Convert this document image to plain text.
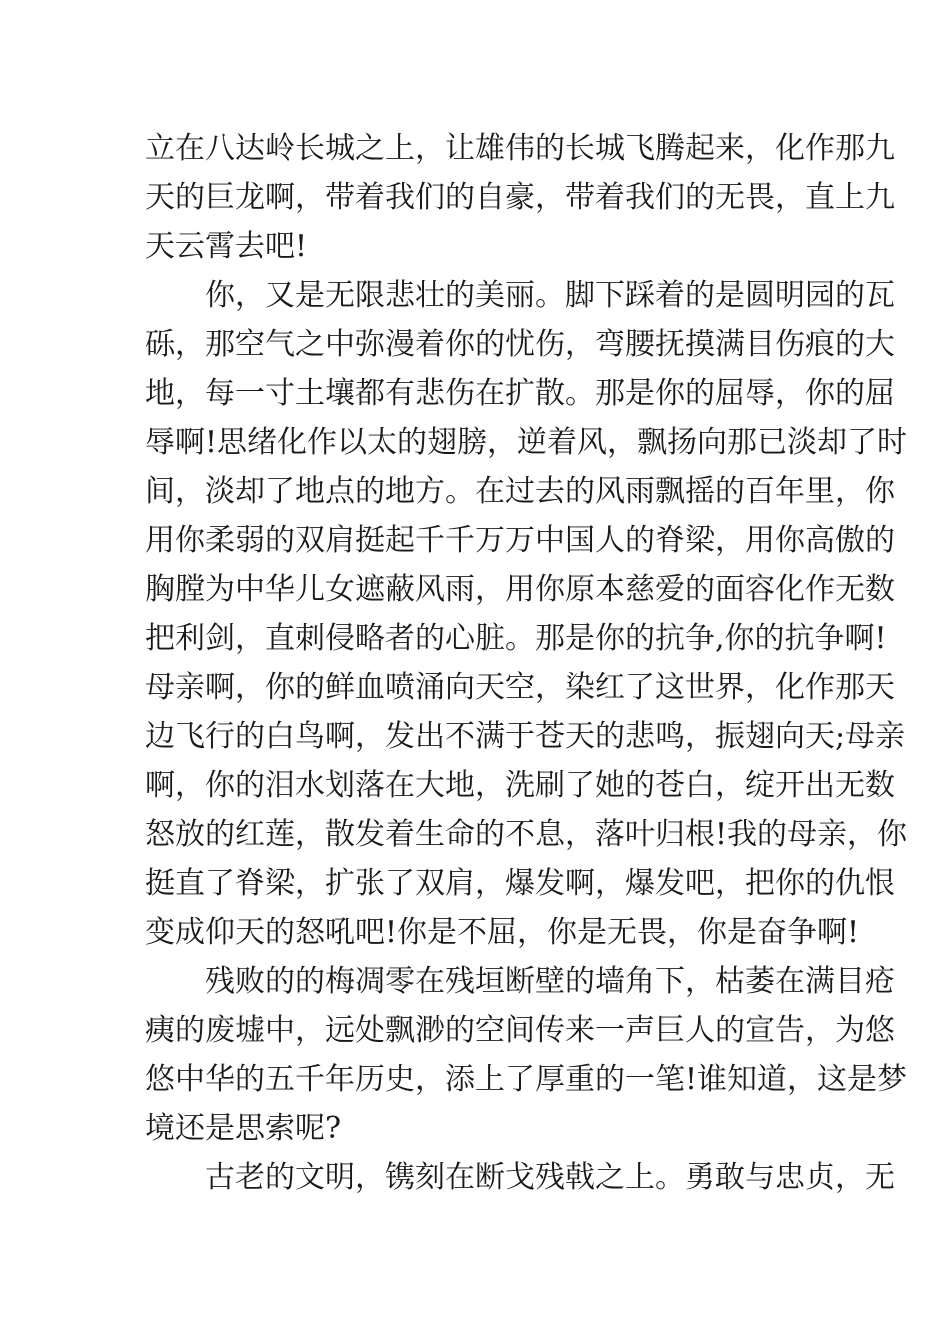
立在八达岭长城之上，让雄伟的长城飞腾起来，化作那九
天的巨龙啊，带着我们的自豪，带着我们的无畏，直上九
天云霄去吧!
你，又是无限悲壮的美丽。脚下踩着的是圆明园的瓦
砾，那空气之中弥漫着你的忧伤，弯腰抚摸满目伤痕的大
地，每一寸土壤都有悲伤在扩散。那是你的屈辱，你的屈
辱啊!思绪化作以太的翅膀，逆着风，飘扬向那已淡却了时
间，淡却了地点的地方。在过去的风雨飘摇的百年里，你
用你柔弱的双肩挺起千千万万中国人的脊梁，用你高傲的
胸膛为中华儿女遮蔽风雨，用你原本慈爱的面容化作无数
把利剑，直刺侵略者的心脏。那是你的抗争,你的抗争啊!
母亲啊，你的鲜血喷涌向天空，染红了这世界，化作那天
边飞行的白鸟啊，发出不满于苍天的悲鸣，振翅向天;母亲
啊，你的泪水划落在大地，洗刷了她的苍白，绽开出无数
怒放的红莲，散发着生命的不息，落叶归根!我的母亲，你
挺直了脊梁，扩张了双肩，爆发啊，爆发吧，把你的仇恨
变成仰天的怒吼吧!你是不屈，你是无畏，你是奋争啊!
残败的的梅凋零在残垣断壁的墙角下，枯萎在满目疮
痍的废墟中，远处飘渺的空间传来一声巨人的宣告，为悠
悠中华的五千年历史，添上了厚重的一笔!谁知道，这是梦
境还是思索呢?
古老的文明，镌刻在断戈残戟之上。勇敢与忠贞，无
